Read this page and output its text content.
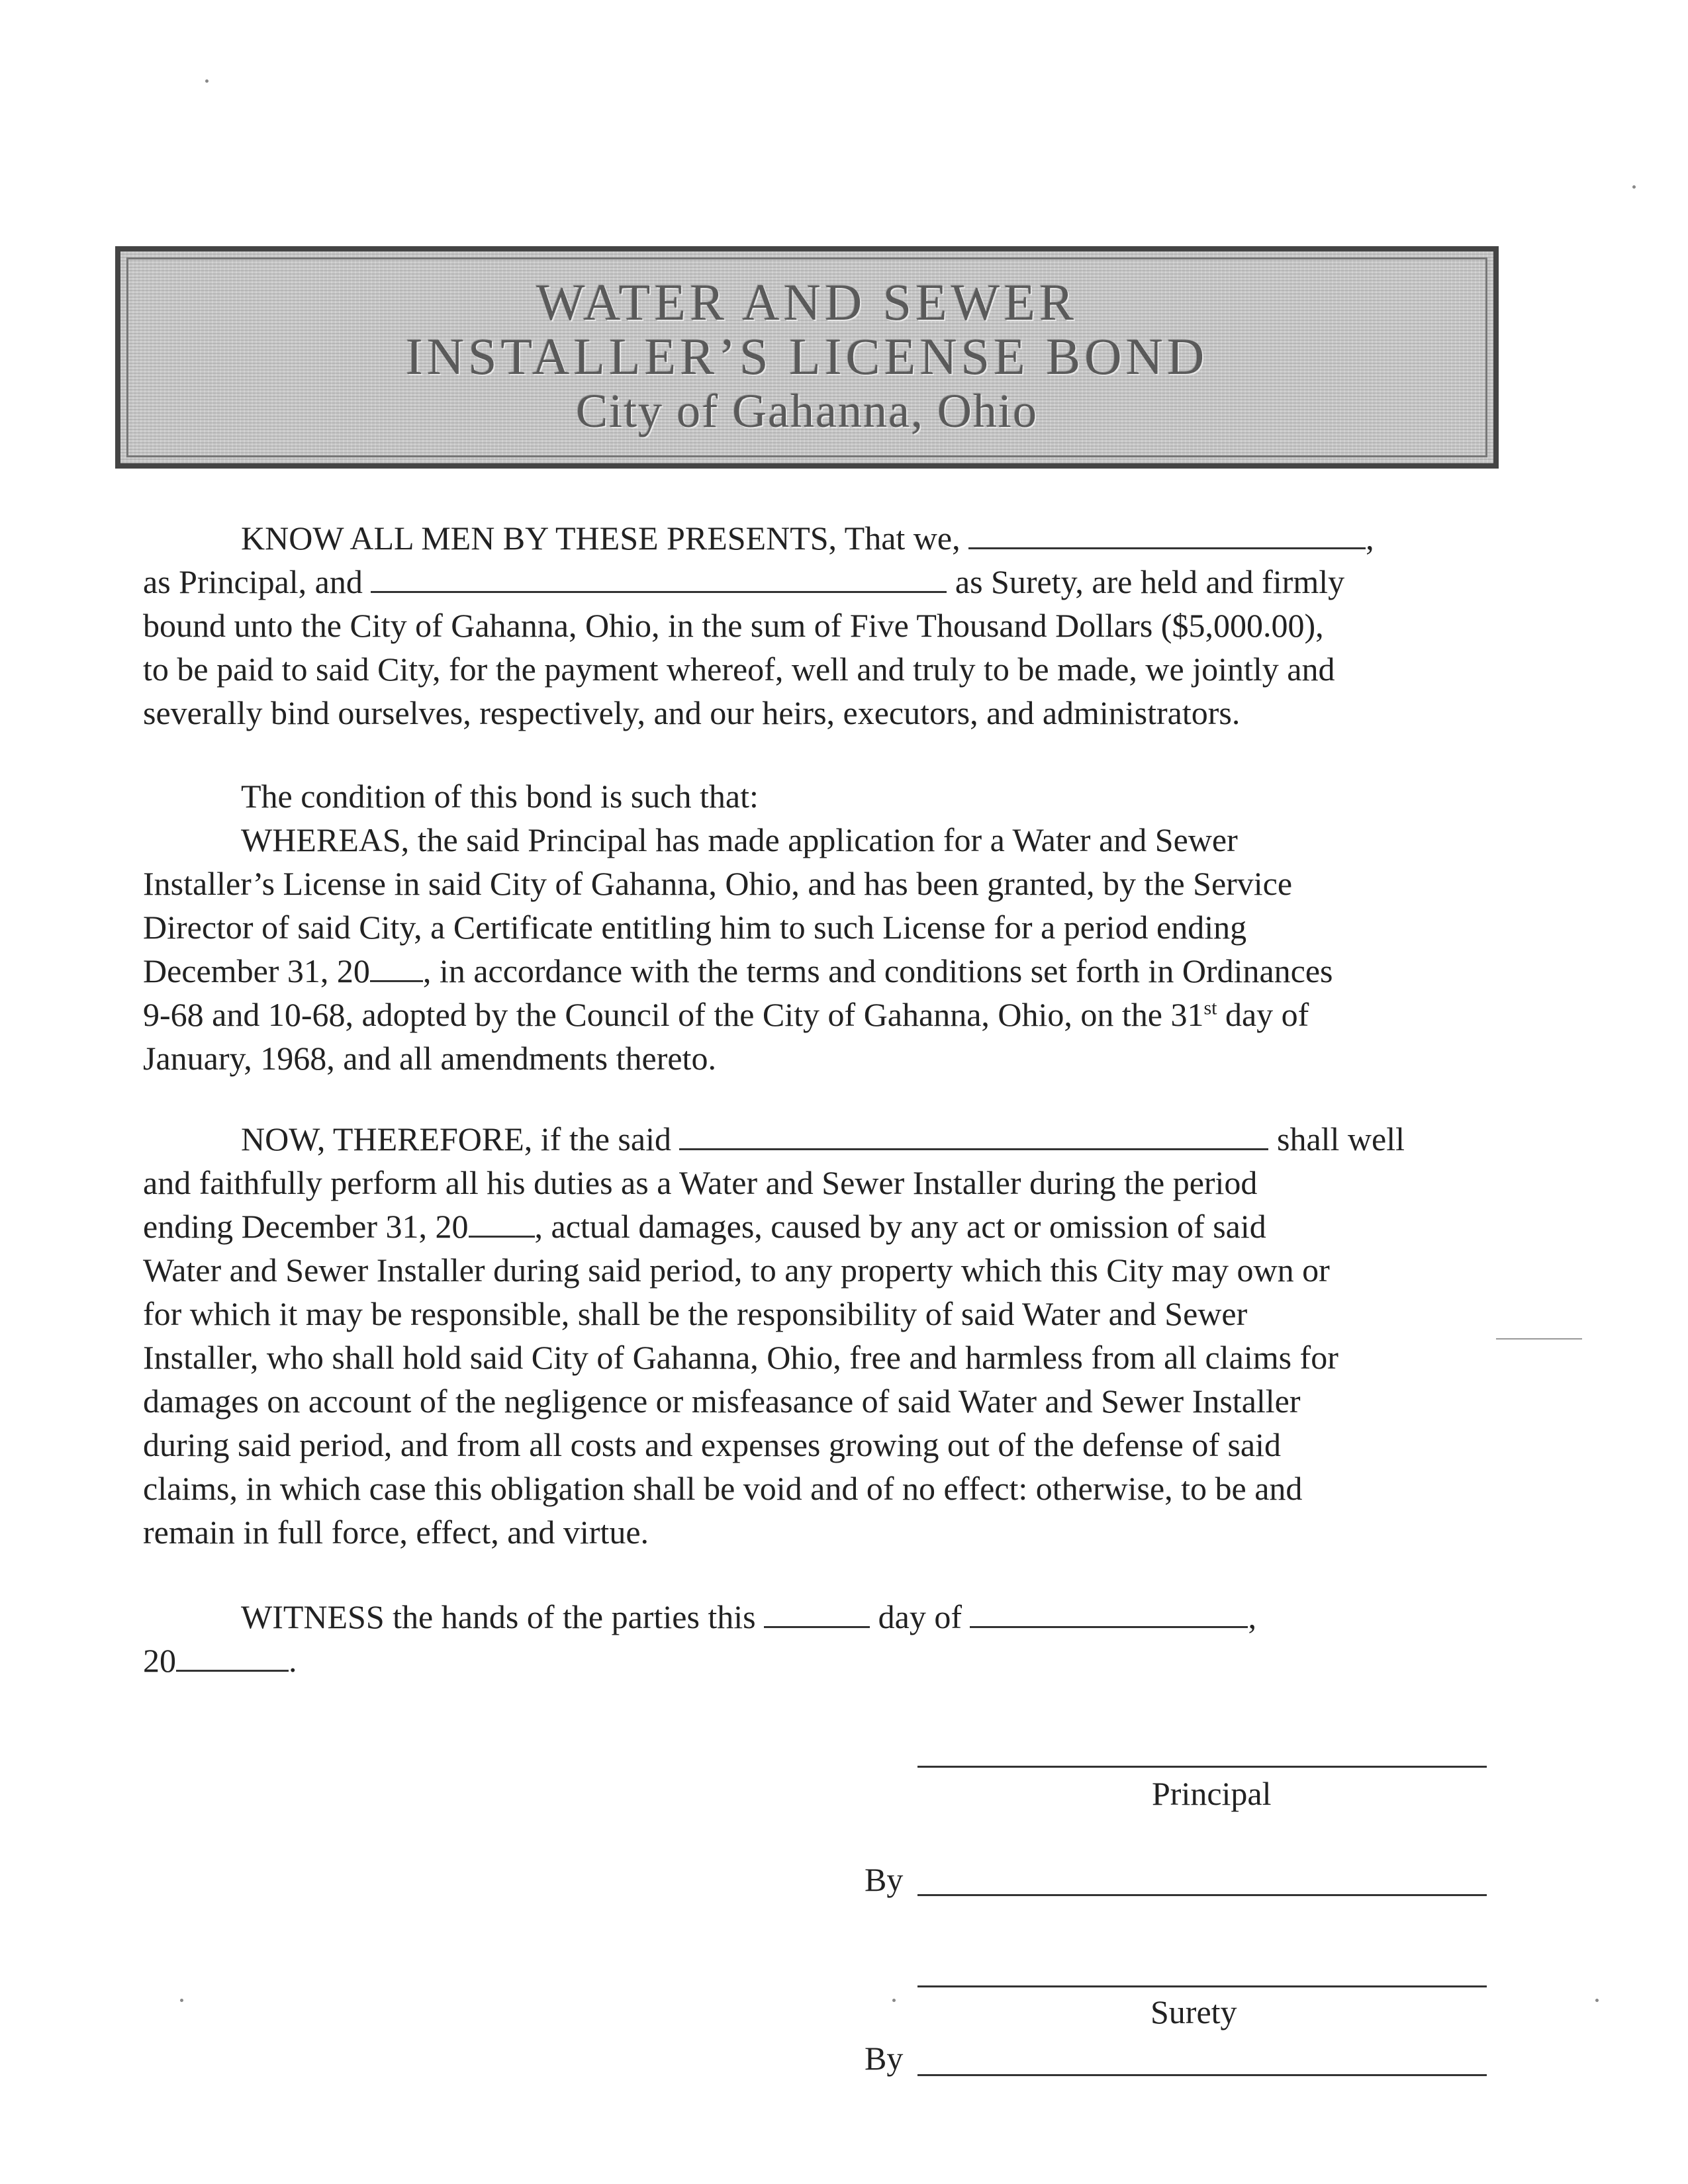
WATER AND SEWER
INSTALLER’S LICENSE BOND
City of Gahanna, Ohio
KNOW ALL MEN BY THESE PRESENTS, That we,	,
as Principal, and	as Surety, are held and firmly
bound unto the City of Gahanna, Ohio, in the sum of Five Thousand Dollars ($5,000.00),
to be paid to said City, for the payment whereof, well and truly to be made, we jointly and
severally bind ourselves, respectively, and our heirs, executors, and administrators.
The condition of this bond is such that:
WHEREAS, the said Principal has made application for a Water and Sewer
Installer’s License in said City of Gahanna, Ohio, and has been granted, by the Service
Director of said City, a Certificate entitling him to such License for a period ending
December 31, 20 , in accordance with the terms and conditions set forth in Ordinances
9-68 and 10-68, adopted by the Council of the City of Gahanna, Ohio, on the 31st day of
January, 1968, and all amendments thereto.
NOW, THEREFORE, if the said	shall well
and faithfully perform all his duties as a Water and Sewer Installer during the period
ending December 31, 20 , actual damages, caused by any act or omission of said
Water and Sewer Installer during said period, to any property which this City may own or
for which it may be responsible, shall be the responsibility of said Water and Sewer
Installer, who shall hold said City of Gahanna, Ohio, free and harmless from all claims for
damages on account of the negligence or misfeasance of said Water and Sewer Installer
during said period, and from all costs and expenses growing out of the defense of said
claims, in which case this obligation shall be void and of no effect: otherwise, to be and
remain in full force, effect, and virtue.
WITNESS the hands of the parties this	day of	,
20	.
Principal
By
Surety
By
